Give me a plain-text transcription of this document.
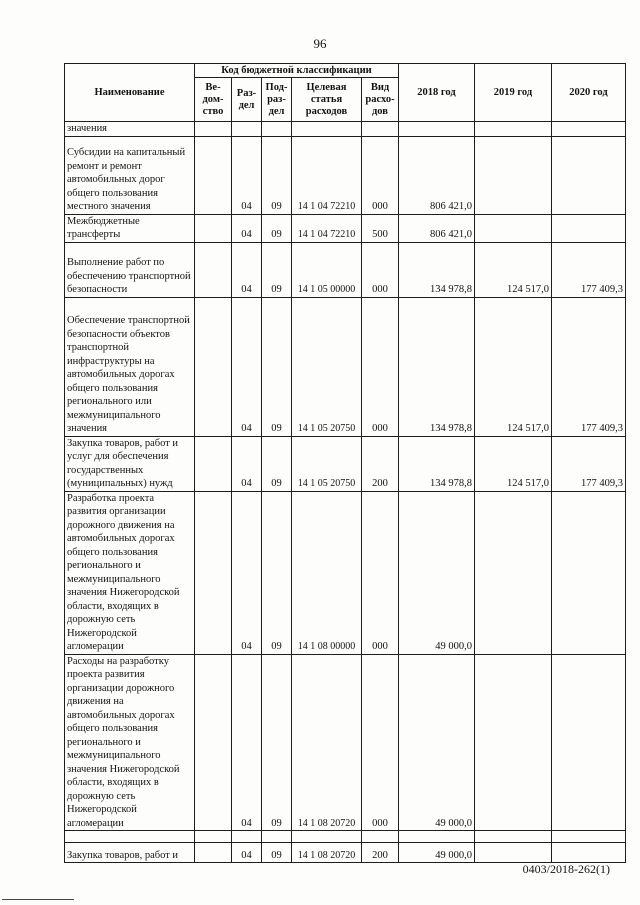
96
Наименование	Код бюджетной классификации					2018 год	2019 год	2020 год
	Ве-дом-ство	Раз-дел	Под-раз-дел	Целевая статья расходов	Вид расхо-дов			
значения								
Субсидии на капитальный ремонт и ремонт автомобильных дорог общего пользования местного значения		04	09	14 1 04 72210	000	806 421,0		
Межбюджетные трансферты		04	09	14 1 04 72210	500	806 421,0		
Выполнение работ по обеспечению транспортной безопасности		04	09	14 1 05 00000	000	134 978,8	124 517,0	177 409,3
Обеспечение транспортной безопасности объектов транспортной инфраструктуры на автомобильных дорогах общего пользования регионального или межмуниципального значения		04	09	14 1 05 20750	000	134 978,8	124 517,0	177 409,3
Закупка товаров, работ и услуг для обеспечения государственных (муниципальных) нужд		04	09	14 1 05 20750	200	134 978,8	124 517,0	177 409,3
Разработка проекта развития организации дорожного движения на автомобильных дорогах общего пользования регионального и межмуниципального значения Нижегородской области, входящих в дорожную сеть Нижегородской агломерации		04	09	14 1 08 00000	000	49 000,0		
Расходы на разработку проекта развития организации дорожного движения на автомобильных дорогах общего пользования регионального и межмуниципального значения Нижегородской области, входящих в дорожную сеть Нижегородской агломерации		04	09	14 1 08 20720	000	49 000,0		

Закупка товаров, работ и		04	09	14 1 08 20720	200	49 000,0		
0403/2018-262(1)
